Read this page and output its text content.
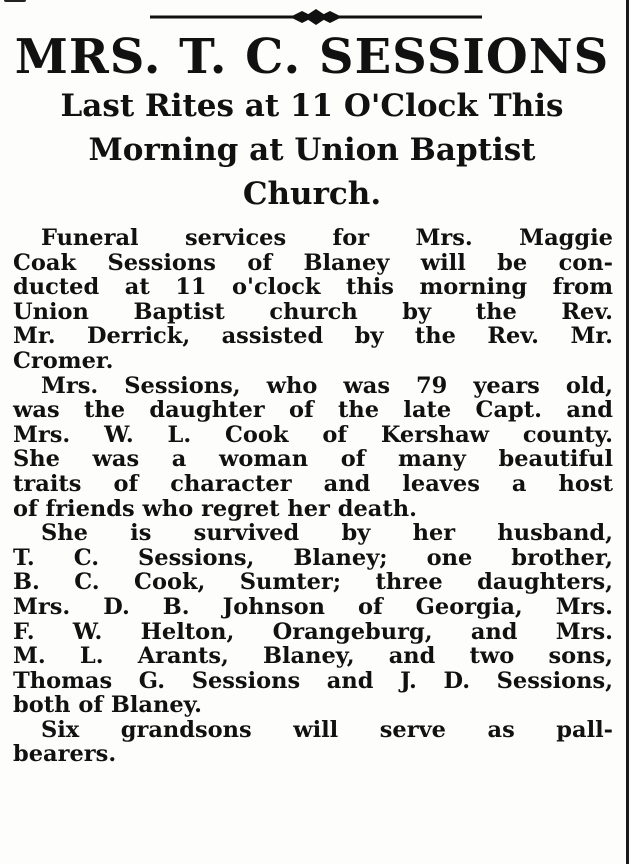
MRS. T. C. SESSIONS
Last Rites at 11 O'Clock This
Morning at Union Baptist
Church.

Funeral services for Mrs. Maggie
Coak Sessions of Blaney will be con-
ducted at 11 o'clock this morning from
Union Baptist church by the Rev.
Mr. Derrick, assisted by the Rev. Mr.
Cromer.

Mrs. Sessions, who was 79 years old,
was the daughter of the late Capt. and
Mrs. W. L. Cook of Kershaw county.
She was a woman of many beautiful
traits of character and leaves a host
of friends who regret her death.

She is survived by her husband,
T. C. Sessions, Blaney; one brother,
B. C. Cook, Sumter; three daughters,
Mrs. D. B. Johnson of Georgia, Mrs.
F. W. Helton, Orangeburg, and Mrs.
M. L. Arants, Blaney, and two sons,
Thomas G. Sessions and J. D. Sessions,
both of Blaney.

Six grandsons will serve as pall-
bearers.
